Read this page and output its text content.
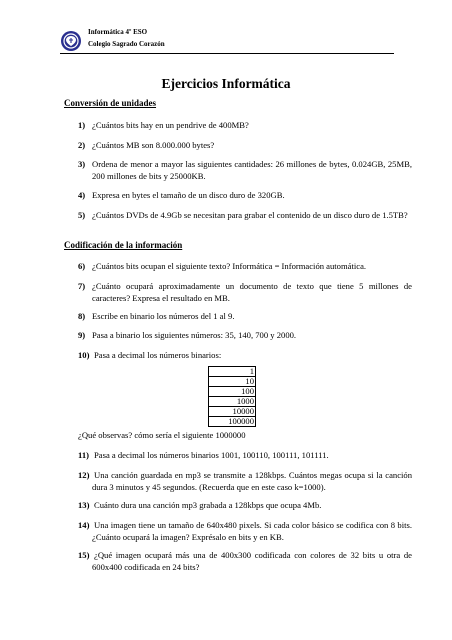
Informática 4º ESO
Colegio Sagrado Corazón
Ejercicios Informática
Conversión de unidades
1) ¿Cuántos bits hay en un pendrive de 400MB?
2) ¿Cuántos MB son 8.000.000 bytes?
3) Ordena de menor a mayor las siguientes cantidades: 26 millones de bytes, 0.024GB, 25MB, 200 millones de bits y 25000KB.
4) Expresa en bytes el tamaño de un disco duro de 320GB.
5) ¿Cuántos DVDs de 4.9Gb se necesitan para grabar el contenido de un disco duro de 1.5TB?
Codificación de la información
6) ¿Cuántos bits ocupan el siguiente texto? Informática = Información automática.
7) ¿Cuánto ocupará aproximadamente un documento de texto que tiene 5 millones de caracteres? Expresa el resultado en MB.
8) Escribe en binario los números del 1 al 9.
9) Pasa a binario los siguientes números: 35, 140, 700 y 2000.
10) Pasa a decimal los números binarios:
1
10
100
1000
10000
100000
¿Qué observas? cómo sería el siguiente 1000000
11) Pasa a decimal los números binarios 1001, 100110, 100111, 101111.
12) Una canción guardada en mp3 se transmite a 128kbps. Cuántos megas ocupa si la canción dura 3 minutos y 45 segundos. (Recuerda que en este caso k=1000).
13) Cuánto dura una canción mp3 grabada a 128kbps que ocupa 4Mb.
14) Una imagen tiene un tamaño de 640x480 pixels. Si cada color básico se codifica con 8 bits. ¿Cuánto ocupará la imagen? Exprésalo en bits y en KB.
15) ¿Qué imagen ocupará más una de 400x300 codificada con colores de 32 bits u otra de 600x400 codificada en 24 bits?
